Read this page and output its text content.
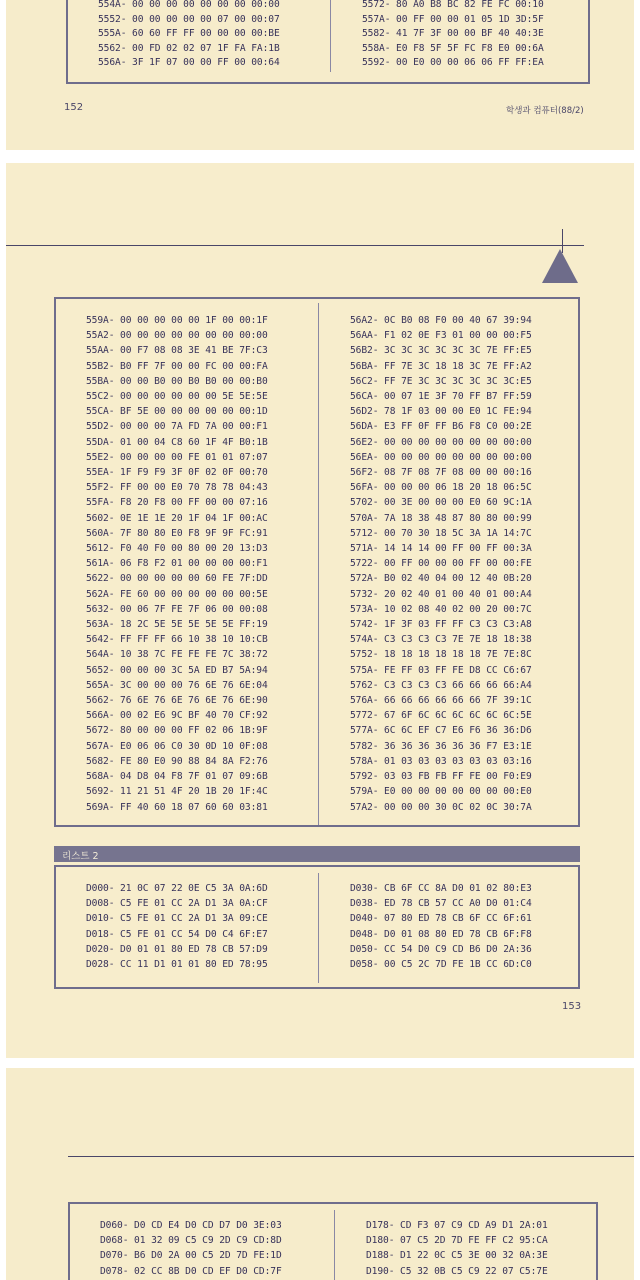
554A- 00 00 00 00 00 00 00 00:00
5552- 00 00 00 00 00 07 00 00:07
555A- 60 60 FF FF 00 00 00 00:BE
5562- 00 FD 02 02 07 1F FA FA:1B
556A- 3F 1F 07 00 00 FF 00 00:64
5572- 80 A0 B8 BC 82 FE FC 00:10
557A- 00 FF 00 00 01 05 1D 3D:5F
5582- 41 7F 3F 00 00 BF 40 40:3E
558A- E0 F8 5F 5F FC F8 E0 00:6A
5592- 00 E0 00 00 06 06 FF FF:EA
152	학생과 컴퓨터(88/2)
559A- 00 00 00 00 00 1F 00 00:1F
55A2- 00 00 00 00 00 00 00 00:00
55AA- 00 F7 08 08 3E 41 BE 7F:C3
55B2- B0 FF 7F 00 00 FC 00 00:FA
55BA- 00 00 B0 00 B0 B0 00 00:B0
55C2- 00 00 00 00 00 00 5E 5E:5E
55CA- BF 5E 00 00 00 00 00 00:1D
55D2- 00 00 00 7A FD 7A 00 00:F1
55DA- 01 00 04 C8 60 1F 4F B0:1B
55E2- 00 00 00 00 FE 01 01 07:07
55EA- 1F F9 F9 3F 0F 02 0F 00:70
55F2- FF 00 00 E0 70 78 78 04:43
55FA- F8 20 F8 00 FF 00 00 07:16
5602- 0E 1E 1E 20 1F 04 1F 00:AC
560A- 7F 80 80 E0 F8 9F 9F FC:91
5612- F0 40 F0 00 80 00 20 13:D3
561A- 06 F8 F2 01 00 00 00 00:F1
5622- 00 00 00 00 00 60 FE 7F:DD
562A- FE 60 00 00 00 00 00 00:5E
5632- 00 06 7F FE 7F 06 00 00:08
563A- 18 2C 5E 5E 5E 5E 5E FF:19
5642- FF FF FF 66 10 38 10 10:CB
564A- 10 38 7C FE FE FE 7C 38:72
5652- 00 00 00 3C 5A ED B7 5A:94
565A- 3C 00 00 00 76 6E 76 6E:04
5662- 76 6E 76 6E 76 6E 76 6E:90
566A- 00 02 E6 9C BF 40 70 CF:92
5672- 80 00 00 00 FF 02 06 1B:9F
567A- E0 06 06 C0 30 0D 10 0F:08
5682- FE 80 E0 90 88 84 8A F2:76
568A- 04 D8 04 F8 7F 01 07 09:6B
5692- 11 21 51 4F 20 1B 20 1F:4C
569A- FF 40 60 18 07 60 60 03:81
56A2- 0C B0 08 F0 00 40 67 39:94
56AA- F1 02 0E F3 01 00 00 00:F5
56B2- 3C 3C 3C 3C 3C 3C 7E FF:E5
56BA- FF 7E 3C 18 18 3C 7E FF:A2
56C2- FF 7E 3C 3C 3C 3C 3C 3C:E5
56CA- 00 07 1E 3F 70 FF B7 FF:59
56D2- 78 1F 03 00 00 E0 1C FE:94
56DA- E3 FF 0F FF B6 F8 C0 00:2E
56E2- 00 00 00 00 00 00 00 00:00
56EA- 00 00 00 00 00 00 00 00:00
56F2- 08 7F 08 7F 08 00 00 00:16
56FA- 00 00 00 06 18 20 18 06:5C
5702- 00 3E 00 00 00 E0 60 9C:1A
570A- 7A 18 38 48 87 80 80 00:99
5712- 00 70 30 18 5C 3A 1A 14:7C
571A- 14 14 14 00 FF 00 FF 00:3A
5722- 00 FF 00 00 00 FF 00 00:FE
572A- B0 02 40 04 00 12 40 0B:20
5732- 20 02 40 01 00 40 01 00:A4
573A- 10 02 08 40 02 00 20 00:7C
5742- 1F 3F 03 FF FF C3 C3 C3:A8
574A- C3 C3 C3 C3 7E 7E 18 18:38
5752- 18 18 18 18 18 18 7E 7E:8C
575A- FE FF 03 FF FE D8 CC C6:67
5762- C3 C3 C3 C3 66 66 66 66:A4
576A- 66 66 66 66 66 66 7F 39:1C
5772- 67 6F 6C 6C 6C 6C 6C 6C:5E
577A- 6C 6C EF C7 E6 F6 36 36:D6
5782- 36 36 36 36 36 36 F7 E3:1E
578A- 01 03 03 03 03 03 03 03:16
5792- 03 03 FB FB FF FE 00 F0:E9
579A- E0 00 00 00 00 00 00 00:E0
57A2- 00 00 00 30 0C 02 0C 30:7A
리스트 2
D000- 21 0C 07 22 0E C5 3A 0A:6D
D008- C5 FE 01 CC 2A D1 3A 0A:CF
D010- C5 FE 01 CC 2A D1 3A 09:CE
D018- C5 FE 01 CC 54 D0 C4 6F:E7
D020- D0 01 01 80 ED 78 CB 57:D9
D028- CC 11 D1 01 01 80 ED 78:95
D030- CB 6F CC 8A D0 01 02 80:E3
D038- ED 78 CB 57 CC A0 D0 01:C4
D040- 07 80 ED 78 CB 6F CC 6F:61
D048- D0 01 08 80 ED 78 CB 6F:F8
D050- CC 54 D0 C9 CD B6 D0 2A:36
D058- 00 C5 2C 7D FE 1B CC 6D:C0
153
D060- D0 CD E4 D0 CD D7 D0 3E:03
D068- 01 32 09 C5 C9 2D C9 CD:8D
D070- B6 D0 2A 00 C5 2D 7D FE:1D
D078- 02 CC 8B D0 CD EF D0 CD:7F
D178- CD F3 07 C9 CD A9 D1 2A:01
D180- 07 C5 2D 7D FE FF C2 95:CA
D188- D1 22 0C C5 3E 00 32 0A:3E
D190- C5 32 0B C5 C9 22 07 C5:7E
